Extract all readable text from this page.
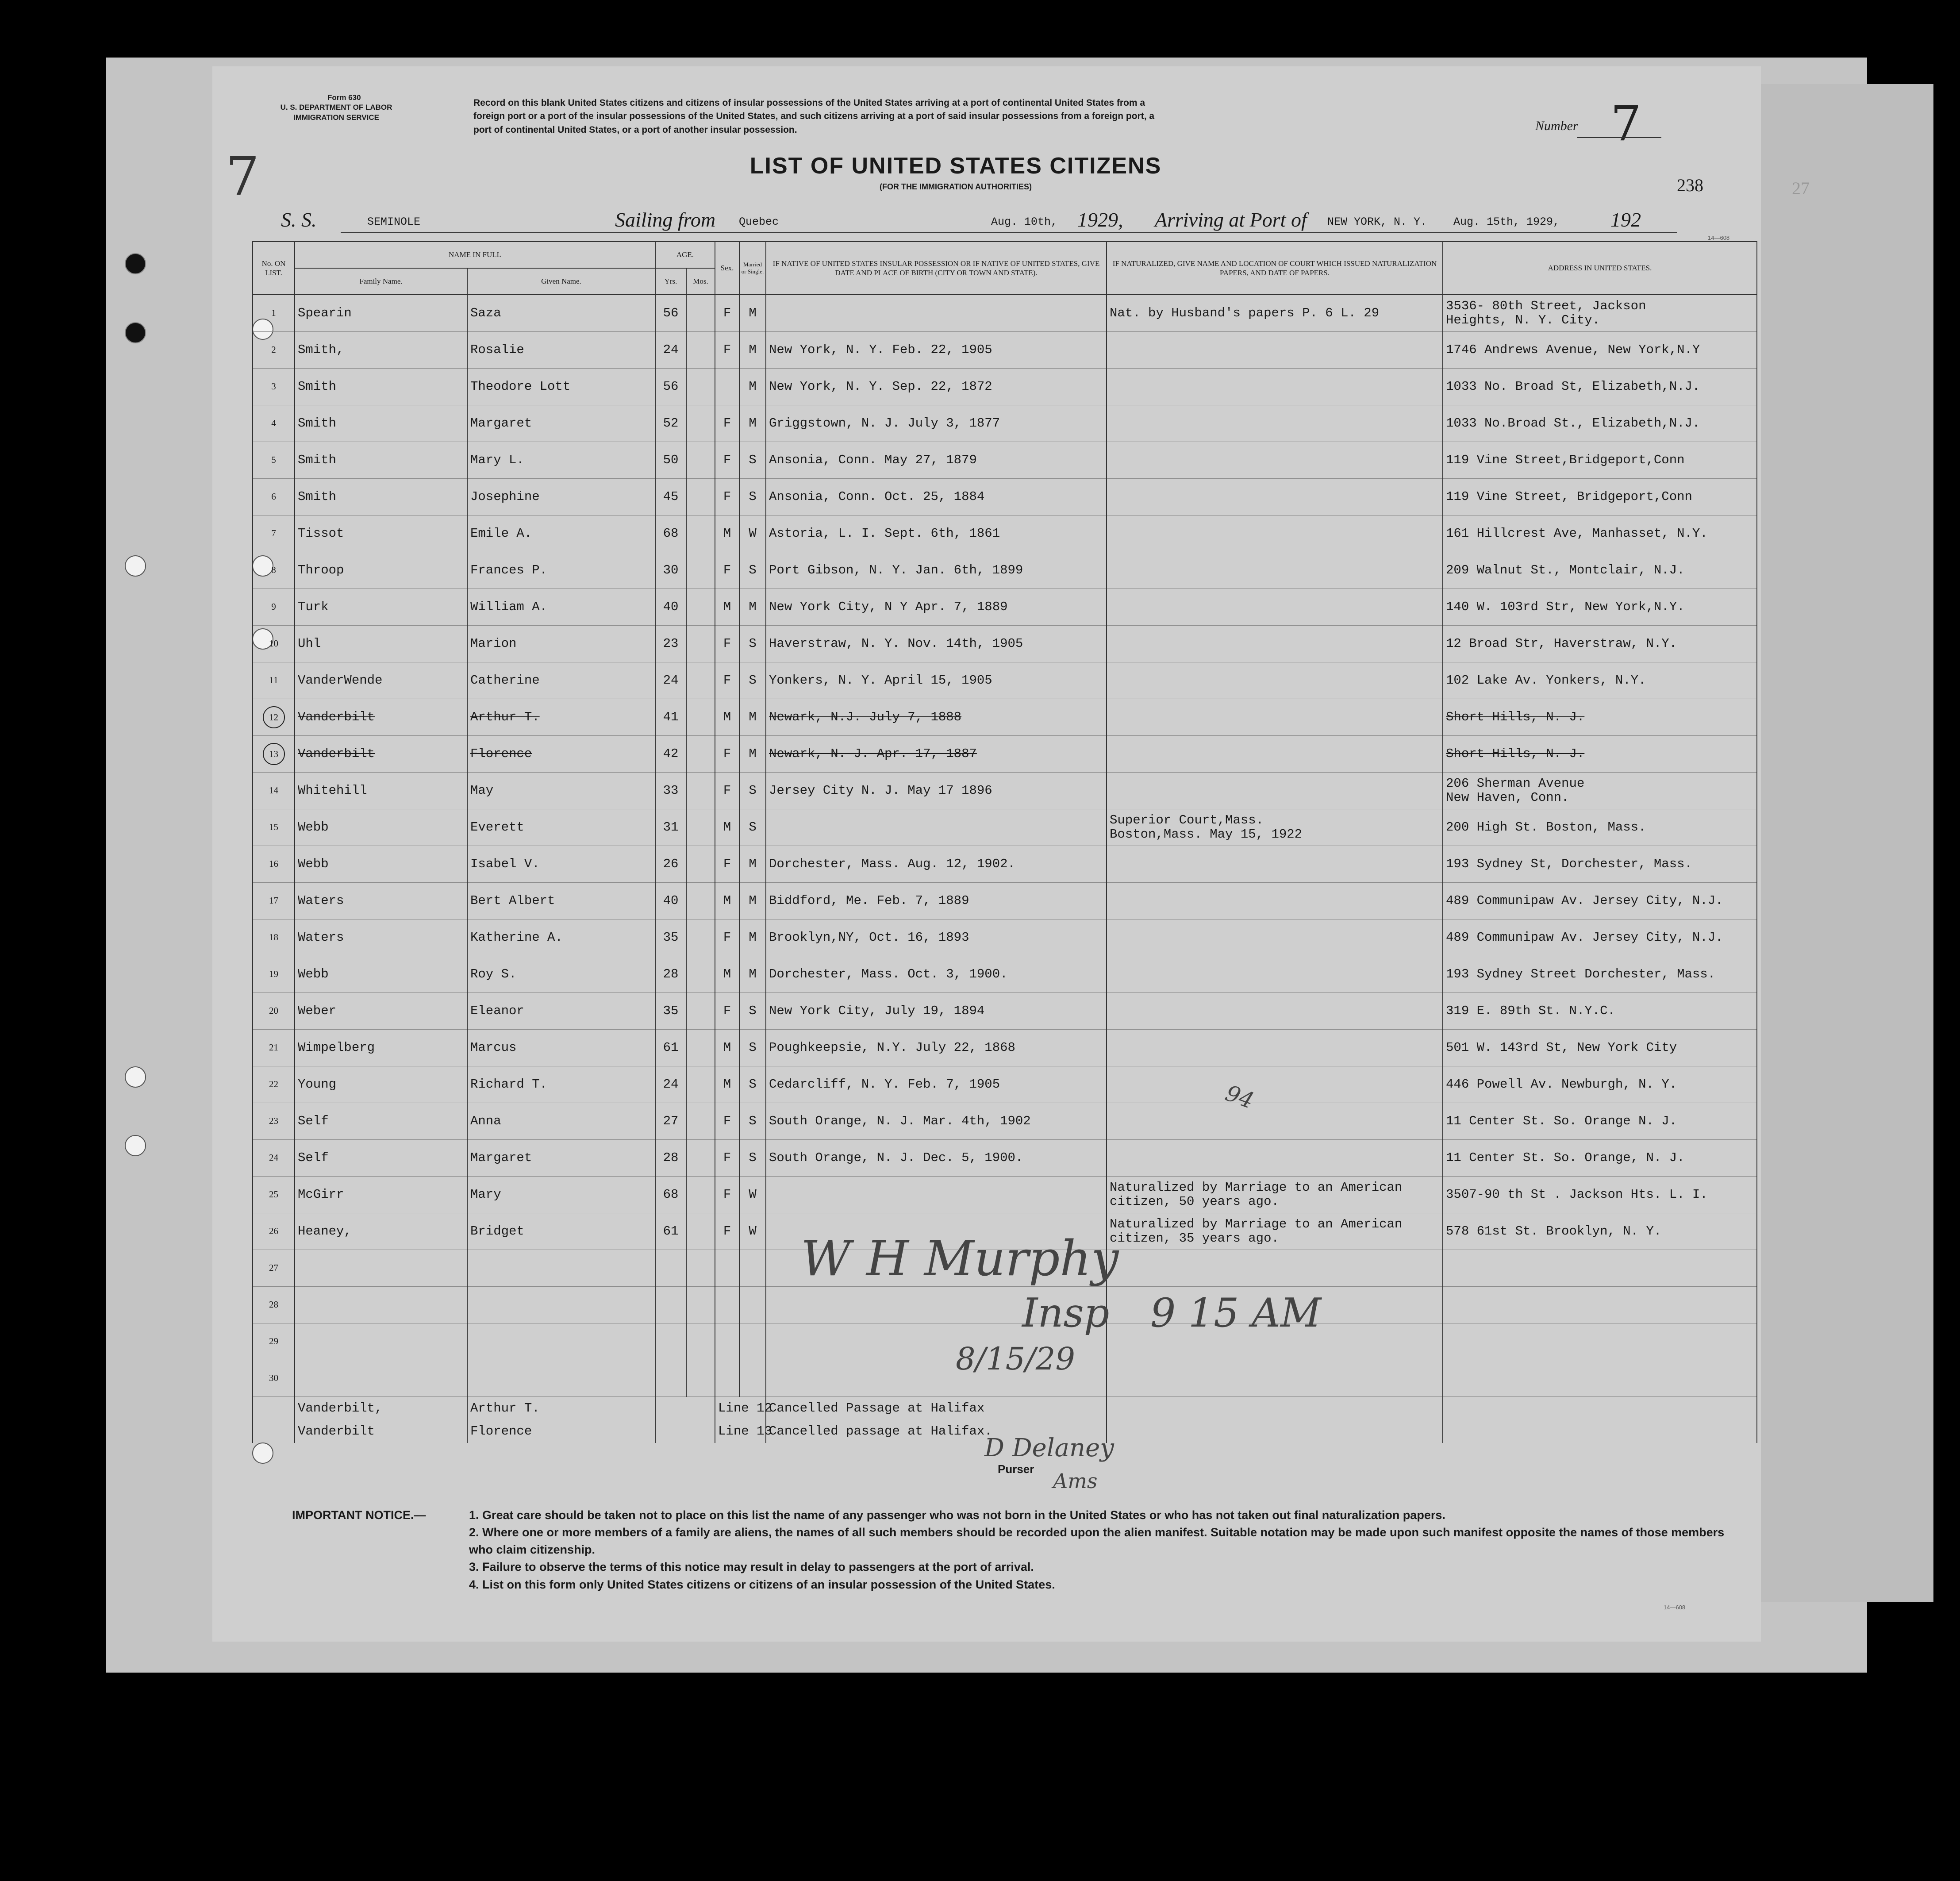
Form 630
U. S. DEPARTMENT OF LABOR
IMMIGRATION SERVICE
7
Record on this blank United States citizens and citizens of insular possessions of the United States arriving at a port of continental United States from a
foreign port or a port of the insular possessions of the United States, and such citizens arriving at a port of said insular possessions from a foreign port, a
port of continental United States, or a port of another insular possession.	Number 7
238	27
LIST OF UNITED STATES CITIZENS
(FOR THE IMMIGRATION AUTHORITIES)
S. S.	SEMINOLE	Sailing from Quebec	Aug. 10th, 1929, Arriving at Port of NEW YORK, N. Y. Aug. 15th, 1929, 192
14—608
No. ON LIST.	NAME IN FULL		AGE.		Sex.	Married or Single.	IF NATIVE OF UNITED STATES INSULAR POSSESSION OR IF NATIVE OF UNITED STATES, GIVE DATE AND PLACE OF BIRTH (CITY OR TOWN AND STATE).	IF NATURALIZED, GIVE NAME AND LOCATION OF COURT WHICH ISSUED NATURALIZATION PAPERS, AND DATE OF PAPERS.	ADDRESS IN UNITED STATES.
	Family Name.	Given Name.	Yrs.	Mos.					
1	Spearin	Saza	56		F	M		Nat. by Husband's papers P. 6 L. 29	3536- 80th Street, Jackson
Heights, N. Y. City.
2	Smith,	Rosalie	24		F	M	New York, N. Y. Feb. 22, 1905		1746 Andrews Avenue, New York,N.Y
3	Smith	Theodore Lott	56			M	New York, N. Y. Sep. 22, 1872		1033 No. Broad St, Elizabeth,N.J.
4	Smith	Margaret	52		F	M	Griggstown, N. J. July 3, 1877		1033 No.Broad St., Elizabeth,N.J.
5	Smith	Mary L.	50		F	S	Ansonia, Conn. May 27, 1879		119 Vine Street,Bridgeport,Conn
6	Smith	Josephine	45		F	S	Ansonia, Conn. Oct. 25, 1884		119 Vine Street, Bridgeport,Conn
7	Tissot	Emile A.	68		M	W	Astoria, L. I. Sept. 6th, 1861		161 Hillcrest Ave, Manhasset, N.Y.
8	Throop	Frances P.	30		F	S	Port Gibson, N. Y. Jan. 6th, 1899		209 Walnut St., Montclair, N.J.
9	Turk	William A.	40		M	M	New York City, N Y Apr. 7, 1889		140 W. 103rd Str, New York,N.Y.
10	Uhl	Marion	23		F	S	Haverstraw, N. Y. Nov. 14th, 1905		12 Broad Str, Haverstraw, N.Y.
11	VanderWende	Catherine	24		F	S	Yonkers, N. Y. April 15, 1905		102 Lake Av. Yonkers, N.Y.
12	Vanderbilt	Arthur T.	41		M	M	Newark, N.J. July 7, 1888		Short Hills, N. J.
13	Vanderbilt	Florence	42		F	M	Newark, N. J. Apr. 17, 1887		Short Hills, N. J.
14	Whitehill	May	33		F	S	Jersey City N. J. May 17 1896		206 Sherman Avenue
New Haven, Conn.
15	Webb	Everett	31		M	S		Superior Court,Mass.
Boston,Mass. May 15, 1922	200 High St. Boston, Mass.
16	Webb	Isabel V.	26		F	M	Dorchester, Mass. Aug. 12, 1902.		193 Sydney St, Dorchester, Mass.
17	Waters	Bert Albert	40		M	M	Biddford, Me. Feb. 7, 1889		489 Communipaw Av. Jersey City, N.J.
18	Waters	Katherine A.	35		F	M	Brooklyn,NY, Oct. 16, 1893		489 Communipaw Av. Jersey City, N.J.
19	Webb	Roy S.	28		M	M	Dorchester, Mass. Oct. 3, 1900.		193 Sydney Street Dorchester, Mass.
20	Weber	Eleanor	35		F	S	New York City, July 19, 1894		319 E. 89th St. N.Y.C.
21	Wimpelberg	Marcus	61		M	S	Poughkeepsie, N.Y. July 22, 1868		501 W. 143rd St, New York City
22	Young	Richard T.	24		M	S	Cedarcliff, N. Y. Feb. 7, 1905		446 Powell Av. Newburgh, N. Y.
23	Self	Anna	27		F	S	South Orange, N. J. Mar. 4th, 1902		11 Center St. So. Orange N. J.
24	Self	Margaret	28		F	S	South Orange, N. J. Dec. 5, 1900.		11 Center St. So. Orange, N. J.
25	McGirr	Mary	68		F	W		Naturalized by Marriage to an American
citizen, 50 years ago.	3507-90 th St . Jackson Hts. L. I.
26	Heaney,	Bridget	61		F	W		Naturalized by Marriage to an American
citizen, 35 years ago.	578 61st St. Brooklyn, N. Y.
27									
28									
29									
30									
	Vanderbilt,	Arthur T.			Line 12		Cancelled Passage at Halifax		
	Vanderbilt	Florence			Line 13		Cancelled passage at Halifax.		
W H Murphy
Insp 9 15 AM
8/15/29
94
D Delaney
Purser Ams
IMPORTANT NOTICE.—	1. Great care should be taken not to place on this list the name of any passenger who was not born in the United States or who has not taken out final naturalization papers.
2. Where one or more members of a family are aliens, the names of all such members should be recorded upon the alien manifest. Suitable notation may be made upon such manifest opposite the names of those members who claim citizenship.
3. Failure to observe the terms of this notice may result in delay to passengers at the port of arrival.
4. List on this form only United States citizens or citizens of an insular possession of the United States.
14—608
